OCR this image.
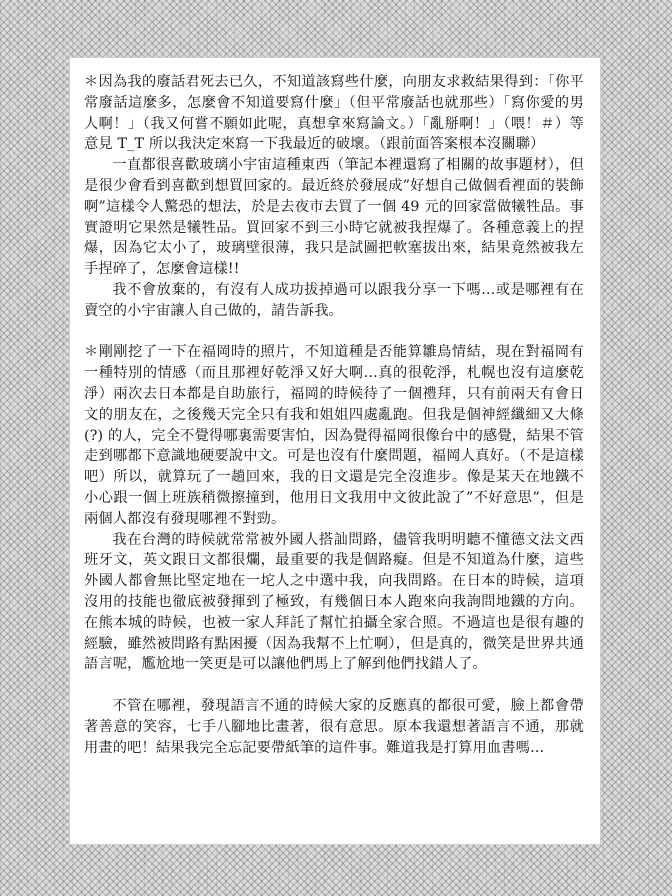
＊因為我的廢話君死去已久，不知道該寫些什麼，向朋友求救結果得到：「你平常廢話這麼多，怎麼會不知道要寫什麼」（但平常廢話也就那些）「寫你愛的男人啊！」（我又何嘗不願如此呢，真想拿來寫論文。）「亂掰啊！」（喂！＃）等意見 T_T 所以我決定來寫一下我最近的破壞。（跟前面答案根本沒關聯）

一直都很喜歡玻璃小宇宙這種東西（筆記本裡還寫了相關的故事題材），但是很少會看到喜歡到想買回家的。最近終於發展成”好想自己做個看裡面的裝飾啊”這樣令人驚恐的想法，於是去夜市去買了一個 49 元的回家當做犧牲品。事實證明它果然是犧牲品。買回家不到三小時它就被我捏爆了。各種意義上的捏爆，因為它太小了，玻璃壁很薄，我只是試圖把軟塞拔出來，結果竟然被我左手捏碎了，怎麼會這樣!!

我不會放棄的，有沒有人成功拔掉過可以跟我分享一下嗎…或是哪裡有在賣空的小宇宙讓人自己做的，請告訴我。

＊剛剛挖了一下在福岡時的照片，不知道種是否能算雛鳥情結，現在對福岡有一種特別的情感（而且那裡好乾淨又好大啊…真的很乾淨，札幌也沒有這麼乾淨）兩次去日本都是自助旅行，福岡的時候待了一個禮拜，只有前兩天有會日文的朋友在，之後幾天完全只有我和姐姐四處亂跑。但我是個神經纖細又大條 (?) 的人，完全不覺得哪裏需要害怕，因為覺得福岡很像台中的感覺，結果不管走到哪都下意識地硬要說中文。可是也沒有什麼問題，福岡人真好。（不是這樣吧）所以，就算玩了一趟回來，我的日文還是完全沒進步。像是某天在地鐵不小心跟一個上班族稍微擦撞到，他用日文我用中文彼此說了”不好意思”，但是兩個人都沒有發現哪裡不對勁。

我在台灣的時候就常常被外國人搭訕問路，儘管我明明聽不懂德文法文西班牙文，英文跟日文都很爛，最重要的我是個路癡。但是不知道為什麼，這些外國人都會無比堅定地在一坨人之中選中我，向我問路。在日本的時候，這項沒用的技能也徹底被發揮到了極致，有幾個日本人跑來向我詢問地鐵的方向。在熊本城的時候，也被一家人拜託了幫忙拍攝全家合照。不過這也是很有趣的經驗，雖然被問路有點困擾（因為我幫不上忙啊），但是真的，微笑是世界共通語言呢，尷尬地一笑更是可以讓他們馬上了解到他們找錯人了。

不管在哪裡，發現語言不通的時候大家的反應真的都很可愛，臉上都會帶著善意的笑容，七手八腳地比畫著，很有意思。原本我還想著語言不通，那就用畫的吧！結果我完全忘記要帶紙筆的這件事。難道我是打算用血書嗎…
